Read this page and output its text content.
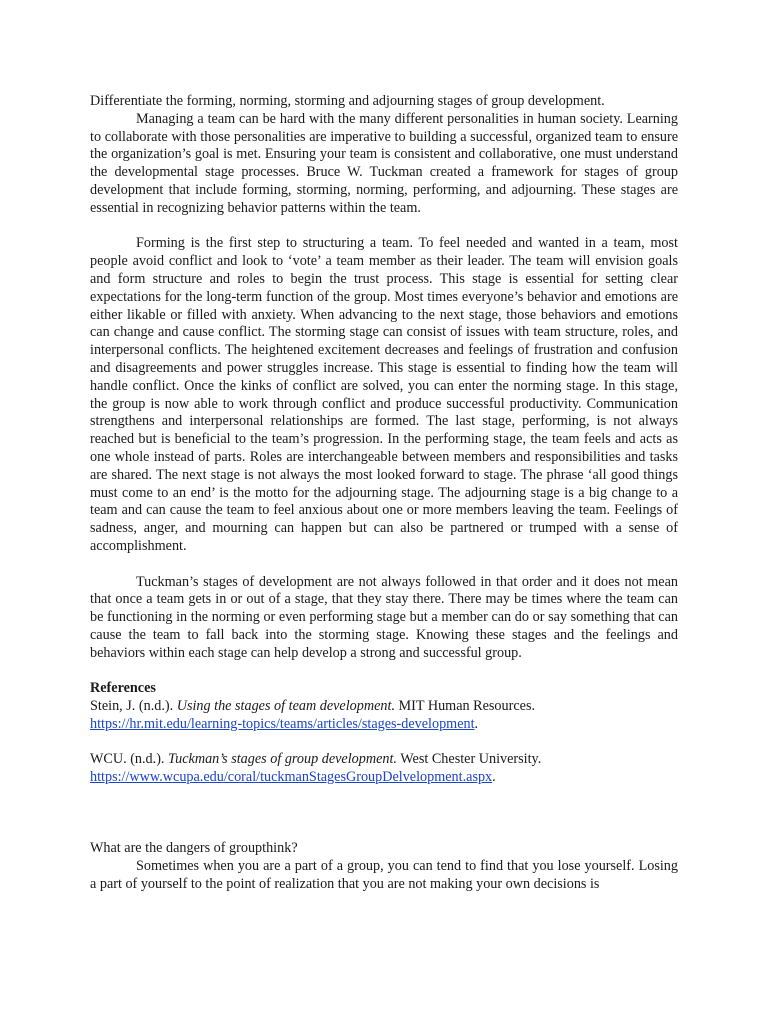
Differentiate the forming, norming, storming and adjourning stages of group development.

Managing a team can be hard with the many different personalities in human society. Learning to collaborate with those personalities are imperative to building a successful, organized team to ensure the organization’s goal is met. Ensuring your team is consistent and collaborative, one must understand the developmental stage processes. Bruce W. Tuckman created a framework for stages of group development that include forming, storming, norming, performing, and adjourning. These stages are essential in recognizing behavior patterns within the team.

Forming is the first step to structuring a team. To feel needed and wanted in a team, most people avoid conflict and look to ‘vote’ a team member as their leader. The team will envision goals and form structure and roles to begin the trust process. This stage is essential for setting clear expectations for the long-term function of the group. Most times everyone’s behavior and emotions are either likable or filled with anxiety. When advancing to the next stage, those behaviors and emotions can change and cause conflict. The storming stage can consist of issues with team structure, roles, and interpersonal conflicts. The heightened excitement decreases and feelings of frustration and confusion and disagreements and power struggles increase. This stage is essential to finding how the team will handle conflict. Once the kinks of conflict are solved, you can enter the norming stage. In this stage, the group is now able to work through conflict and produce successful productivity. Communication strengthens and interpersonal relationships are formed. The last stage, performing, is not always reached but is beneficial to the team’s progression. In the performing stage, the team feels and acts as one whole instead of parts. Roles are interchangeable between members and responsibilities and tasks are shared. The next stage is not always the most looked forward to stage. The phrase ‘all good things must come to an end’ is the motto for the adjourning stage. The adjourning stage is a big change to a team and can cause the team to feel anxious about one or more members leaving the team. Feelings of sadness, anger, and mourning can happen but can also be partnered or trumped with a sense of accomplishment.

Tuckman’s stages of development are not always followed in that order and it does not mean that once a team gets in or out of a stage, that they stay there. There may be times where the team can be functioning in the norming or even performing stage but a member can do or say something that can cause the team to fall back into the storming stage. Knowing these stages and the feelings and behaviors within each stage can help develop a strong and successful group.

References

Stein, J. (n.d.). Using the stages of team development. MIT Human Resources.
https://hr.mit.edu/learning-topics/teams/articles/stages-development.

WCU. (n.d.). Tuckman’s stages of group development. West Chester University.
https://www.wcupa.edu/coral/tuckmanStagesGroupDelvelopment.aspx.

What are the dangers of groupthink?

Sometimes when you are a part of a group, you can tend to find that you lose yourself. Losing a part of yourself to the point of realization that you are not making your own decisions is
